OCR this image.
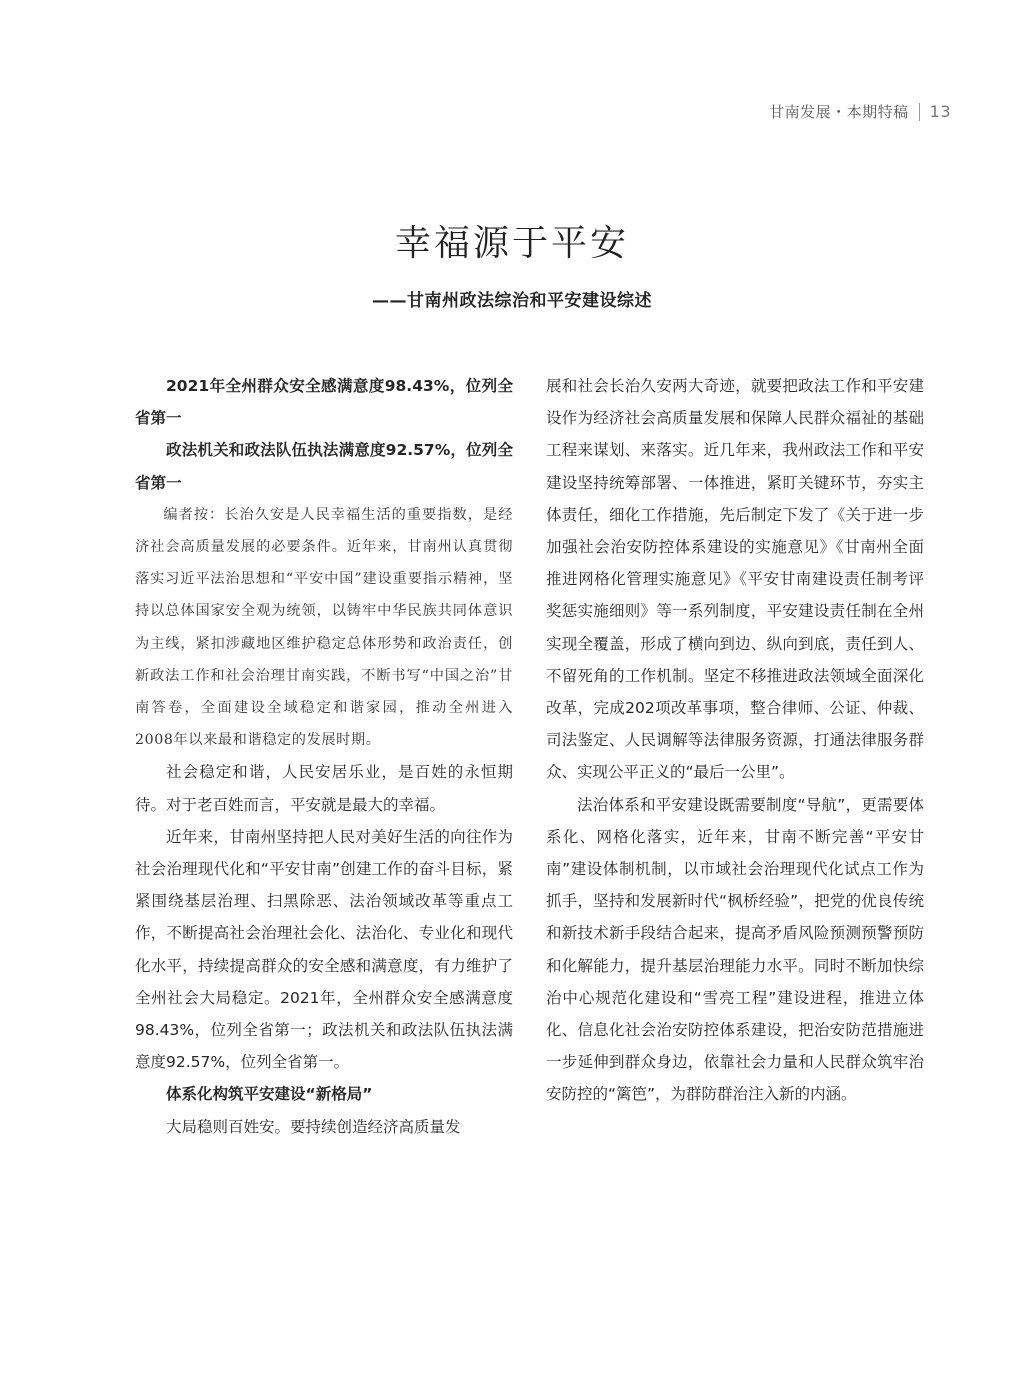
甘南发展・本期特稿 13
幸福源于平安
——甘南州政法综治和平安建设综述

2021年全州群众安全感满意度98.43%，位列全省第一

政法机关和政法队伍执法满意度92.57%，位列全省第一

编者按：长治久安是人民幸福生活的重要指数，是经济社会高质量发展的必要条件。近年来，甘南州认真贯彻落实习近平法治思想和“平安中国”建设重要指示精神，坚持以总体国家安全观为统领，以铸牢中华民族共同体意识为主线，紧扣涉藏地区维护稳定总体形势和政治责任，创新政法工作和社会治理甘南实践，不断书写“中国之治”甘南答卷，全面建设全域稳定和谐家园，推动全州进入2008年以来最和谐稳定的发展时期。

社会稳定和谐，人民安居乐业，是百姓的永恒期待。对于老百姓而言，平安就是最大的幸福。

近年来，甘南州坚持把人民对美好生活的向往作为社会治理现代化和“平安甘南”创建工作的奋斗目标，紧紧围绕基层治理、扫黑除恶、法治领域改革等重点工作，不断提高社会治理社会化、法治化、专业化和现代化水平，持续提高群众的安全感和满意度，有力维护了全州社会大局稳定。2021年，全州群众安全感满意度98.43%，位列全省第一；政法机关和政法队伍执法满意度92.57%，位列全省第一。

体系化构筑平安建设“新格局”

大局稳则百姓安。要持续创造经济高质量发

展和社会长治久安两大奇迹，就要把政法工作和平安建设作为经济社会高质量发展和保障人民群众福祉的基础工程来谋划、来落实。近几年来，我州政法工作和平安建设坚持统筹部署、一体推进，紧盯关键环节，夯实主体责任，细化工作措施，先后制定下发了《关于进一步加强社会治安防控体系建设的实施意见》《甘南州全面推进网格化管理实施意见》《平安甘南建设责任制考评奖惩实施细则》等一系列制度，平安建设责任制在全州实现全覆盖，形成了横向到边、纵向到底，责任到人、不留死角的工作机制。坚定不移推进政法领域全面深化改革，完成202项改革事项，整合律师、公证、仲裁、司法鉴定、人民调解等法律服务资源，打通法律服务群众、实现公平正义的“最后一公里”。

法治体系和平安建设既需要制度“导航”，更需要体系化、网格化落实，近年来，甘南不断完善“平安甘南”建设体制机制，以市域社会治理现代化试点工作为抓手，坚持和发展新时代“枫桥经验”，把党的优良传统和新技术新手段结合起来，提高矛盾风险预测预警预防和化解能力，提升基层治理能力水平。同时不断加快综治中心规范化建设和“雪亮工程”建设进程，推进立体化、信息化社会治安防控体系建设，把治安防范措施进一步延伸到群众身边，依靠社会力量和人民群众筑牢治安防控的“篱笆”，为群防群治注入新的内涵。
